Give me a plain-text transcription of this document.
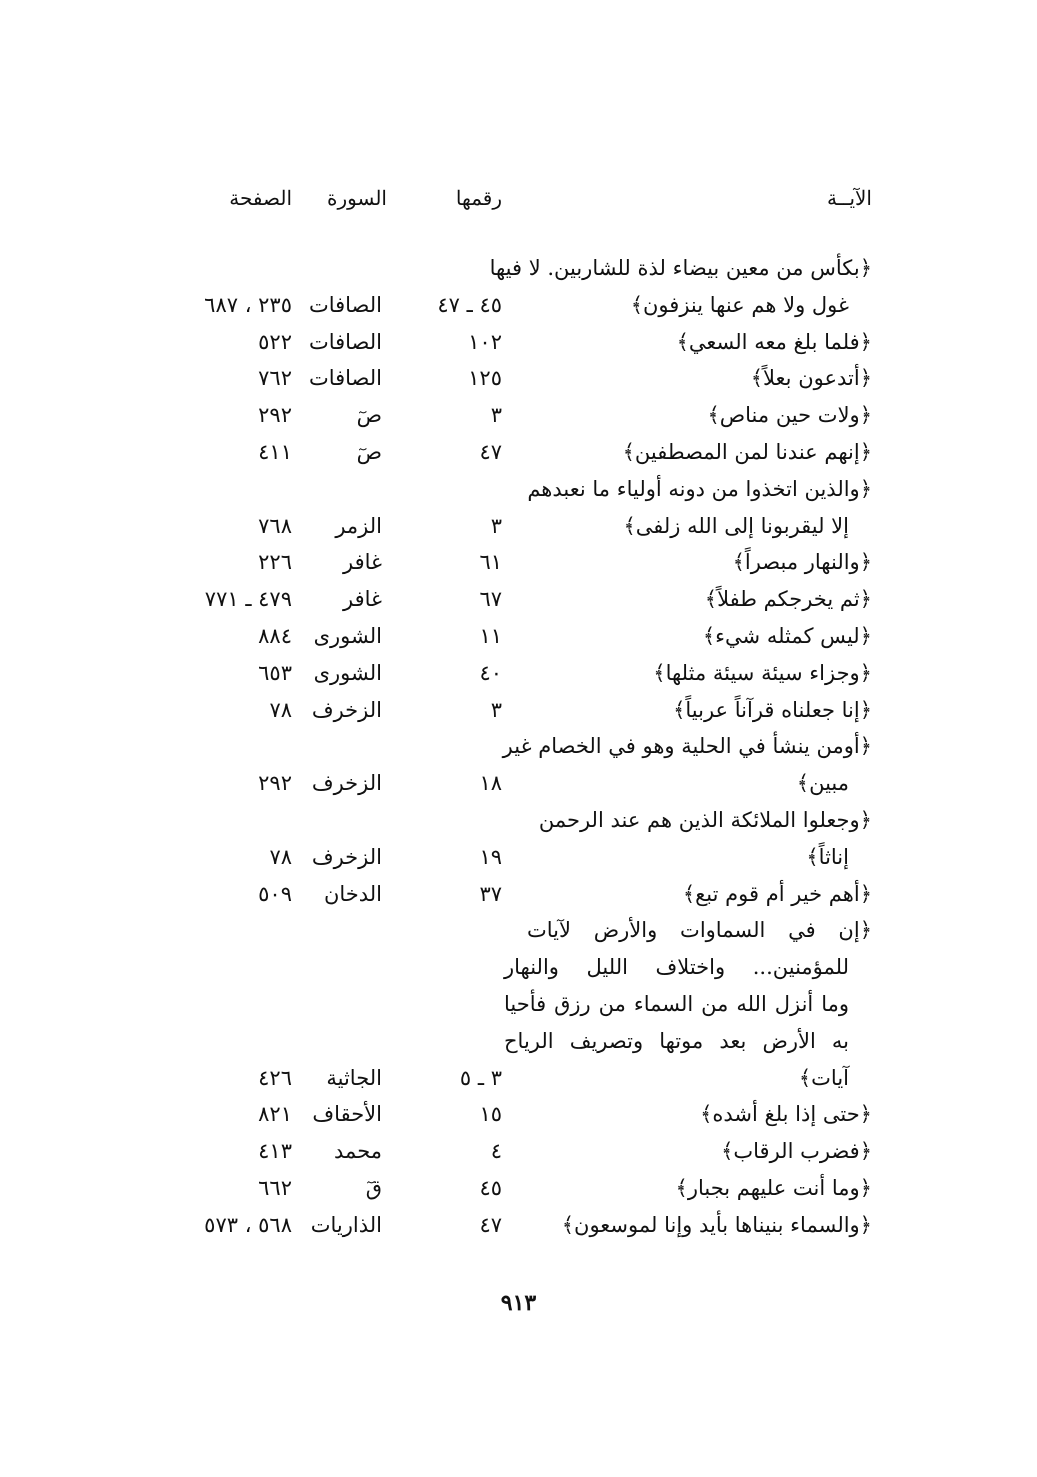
الآيــة
رقمها
السورة
الصفحة
﴿بكأس من معين بيضاء لذة للشاربين. لا فيها
غول ولا هم عنها ينزفون﴾
٤٥ ـ ٤٧
الصافات
٢٣٥ ، ٦٨٧
﴿فلما بلغ معه السعي﴾
١٠٢
الصافات
٥٢٢
﴿أتدعون بعلاً﴾
١٢٥
الصافات
٧٦٢
﴿ولات حين مناص﴾
٣
صٓ
٢٩٢
﴿إنهم عندنا لمن المصطفين﴾
٤٧
صٓ
٤١١
﴿والذين اتخذوا من دونه أولياء ما نعبدهم
إلا ليقربونا إلى الله زلفى﴾
٣
الزمر
٧٦٨
﴿والنهار مبصراً﴾
٦١
غافر
٢٢٦
﴿ثم يخرجكم طفلاً﴾
٦٧
غافر
٤٧٩ ـ ٧٧١
﴿ليس كمثله شيء﴾
١١
الشورى
٨٨٤
﴿وجزاء سيئة سيئة مثلها﴾
٤٠
الشورى
٦٥٣
﴿إنا جعلناه قرآناً عربياً﴾
٣
الزخرف
٧٨
﴿أومن ينشأ في الحلية وهو في الخصام غير
مبين﴾
١٨
الزخرف
٢٩٢
﴿وجعلوا الملائكة الذين هم عند الرحمن
إناثاً﴾
١٩
الزخرف
٧٨
﴿أهم خير أم قوم تبع﴾
٣٧
الدخان
٥٠٩
﴿إن في السماوات والأرض لآيات
للمؤمنين... واختلاف الليل والنهار
وما أنزل الله من السماء من رزق فأحيا
به الأرض بعد موتها وتصريف الرياح
آيات﴾
٣ ـ ٥
الجاثية
٤٢٦
﴿حتى إذا بلغ أشده﴾
١٥
الأحقاف
٨٢١
﴿فضرب الرقاب﴾
٤
محمد
٤١٣
﴿وما أنت عليهم بجبار﴾
٤٥
قٓ
٦٦٢
﴿والسماء بنيناها بأيد وإنا لموسعون﴾
٤٧
الذاريات
٥٦٨ ، ٥٧٣
٩١٣
